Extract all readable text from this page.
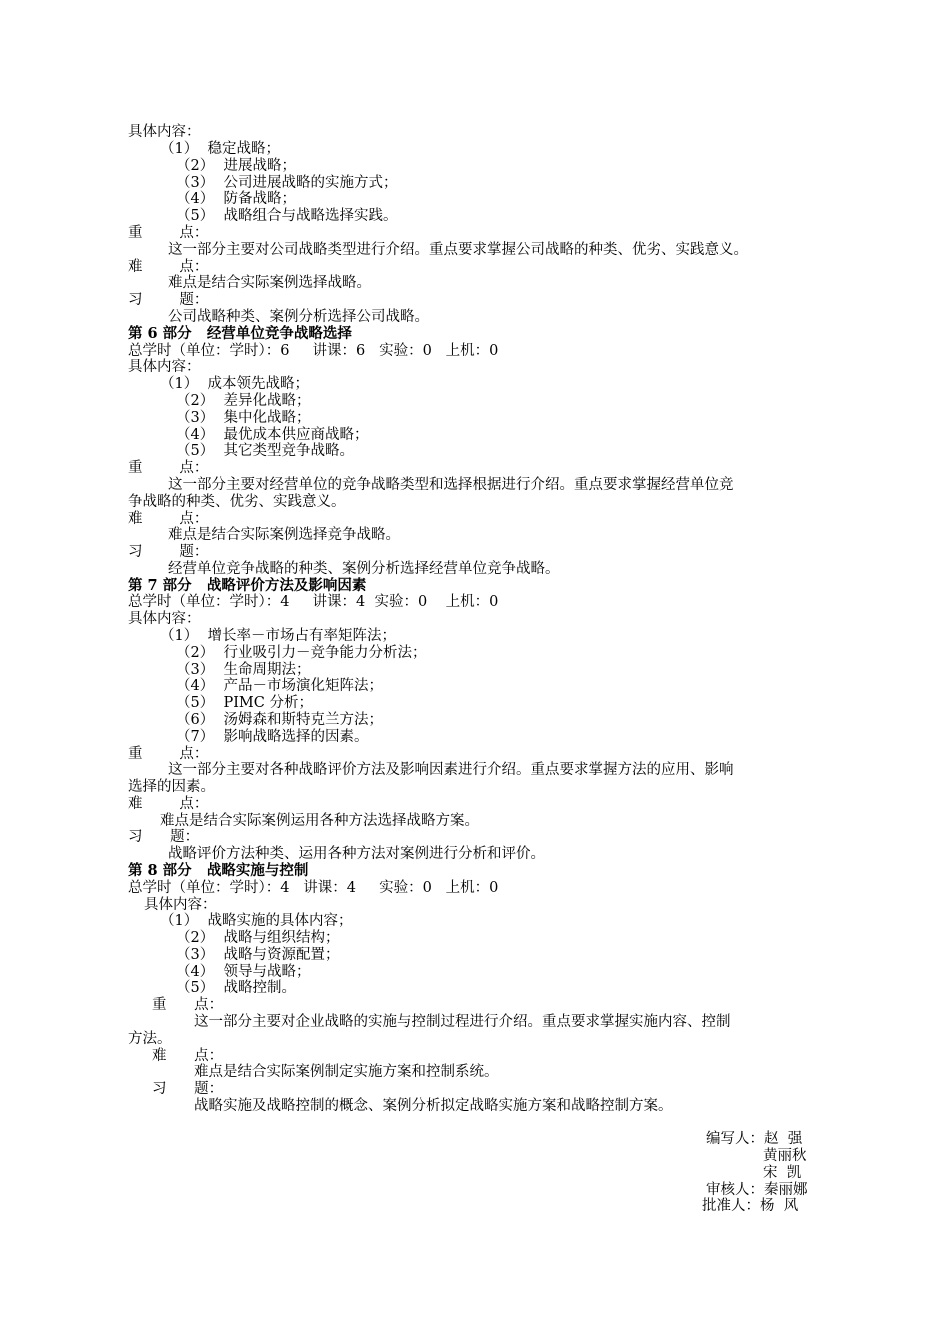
具体内容：
（1）  稳定战略；
（2）  进展战略；
（3）  公司进展战略的实施方式；
（4）  防备战略；
（5）  战略组合与战略选择实践。
重        点：
这一部分主要对公司战略类型进行介绍。重点要求掌握公司战略的种类、优劣、实践意义。
难        点：
难点是结合实际案例选择战略。
习        题：
公司战略种类、案例分析选择公司战略。
第 6 部分   经营单位竞争战略选择
总学时（单位：学时）：6     讲课：6   实验：0   上机：0
具体内容：
（1）  成本领先战略；
（2）  差异化战略；
（3）  集中化战略；
（4）  最优成本供应商战略；
（5）  其它类型竞争战略。
重        点：
这一部分主要对经营单位的竞争战略类型和选择根据进行介绍。重点要求掌握经营单位竞
争战略的种类、优劣、实践意义。
难        点：
难点是结合实际案例选择竞争战略。
习        题：
经营单位竞争战略的种类、案例分析选择经营单位竞争战略。
第 7 部分   战略评价方法及影响因素
总学时（单位：学时）：4     讲课：4  实验：0    上机：0
具体内容：
（1）  增长率－市场占有率矩阵法；
（2）  行业吸引力－竞争能力分析法；
（3）  生命周期法；
（4）  产品－市场演化矩阵法；
（5）  PIMC 分析；
（6）  汤姆森和斯特克兰方法；
（7）  影响战略选择的因素。
重        点：
这一部分主要对各种战略评价方法及影响因素进行介绍。重点要求掌握方法的应用、影响
选择的因素。
难        点：
难点是结合实际案例运用各种方法选择战略方案。
习      题：
战略评价方法种类、运用各种方法对案例进行分析和评价。
第 8 部分   战略实施与控制
总学时（单位：学时）：4   讲课：4     实验：0   上机：0
具体内容：
（1）  战略实施的具体内容；
（2）  战略与组织结构；
（3）  战略与资源配置；
（4）  领导与战略；
（5）  战略控制。
重      点：
这一部分主要对企业战略的实施与控制过程进行介绍。重点要求掌握实施内容、控制
方法。
难      点：
难点是结合实际案例制定实施方案和控制系统。
习      题：
战略实施及战略控制的概念、案例分析拟定战略实施方案和战略控制方案。
编写人：赵  强
黄丽秋
宋  凯
审核人：秦丽娜
批准人：杨  风
